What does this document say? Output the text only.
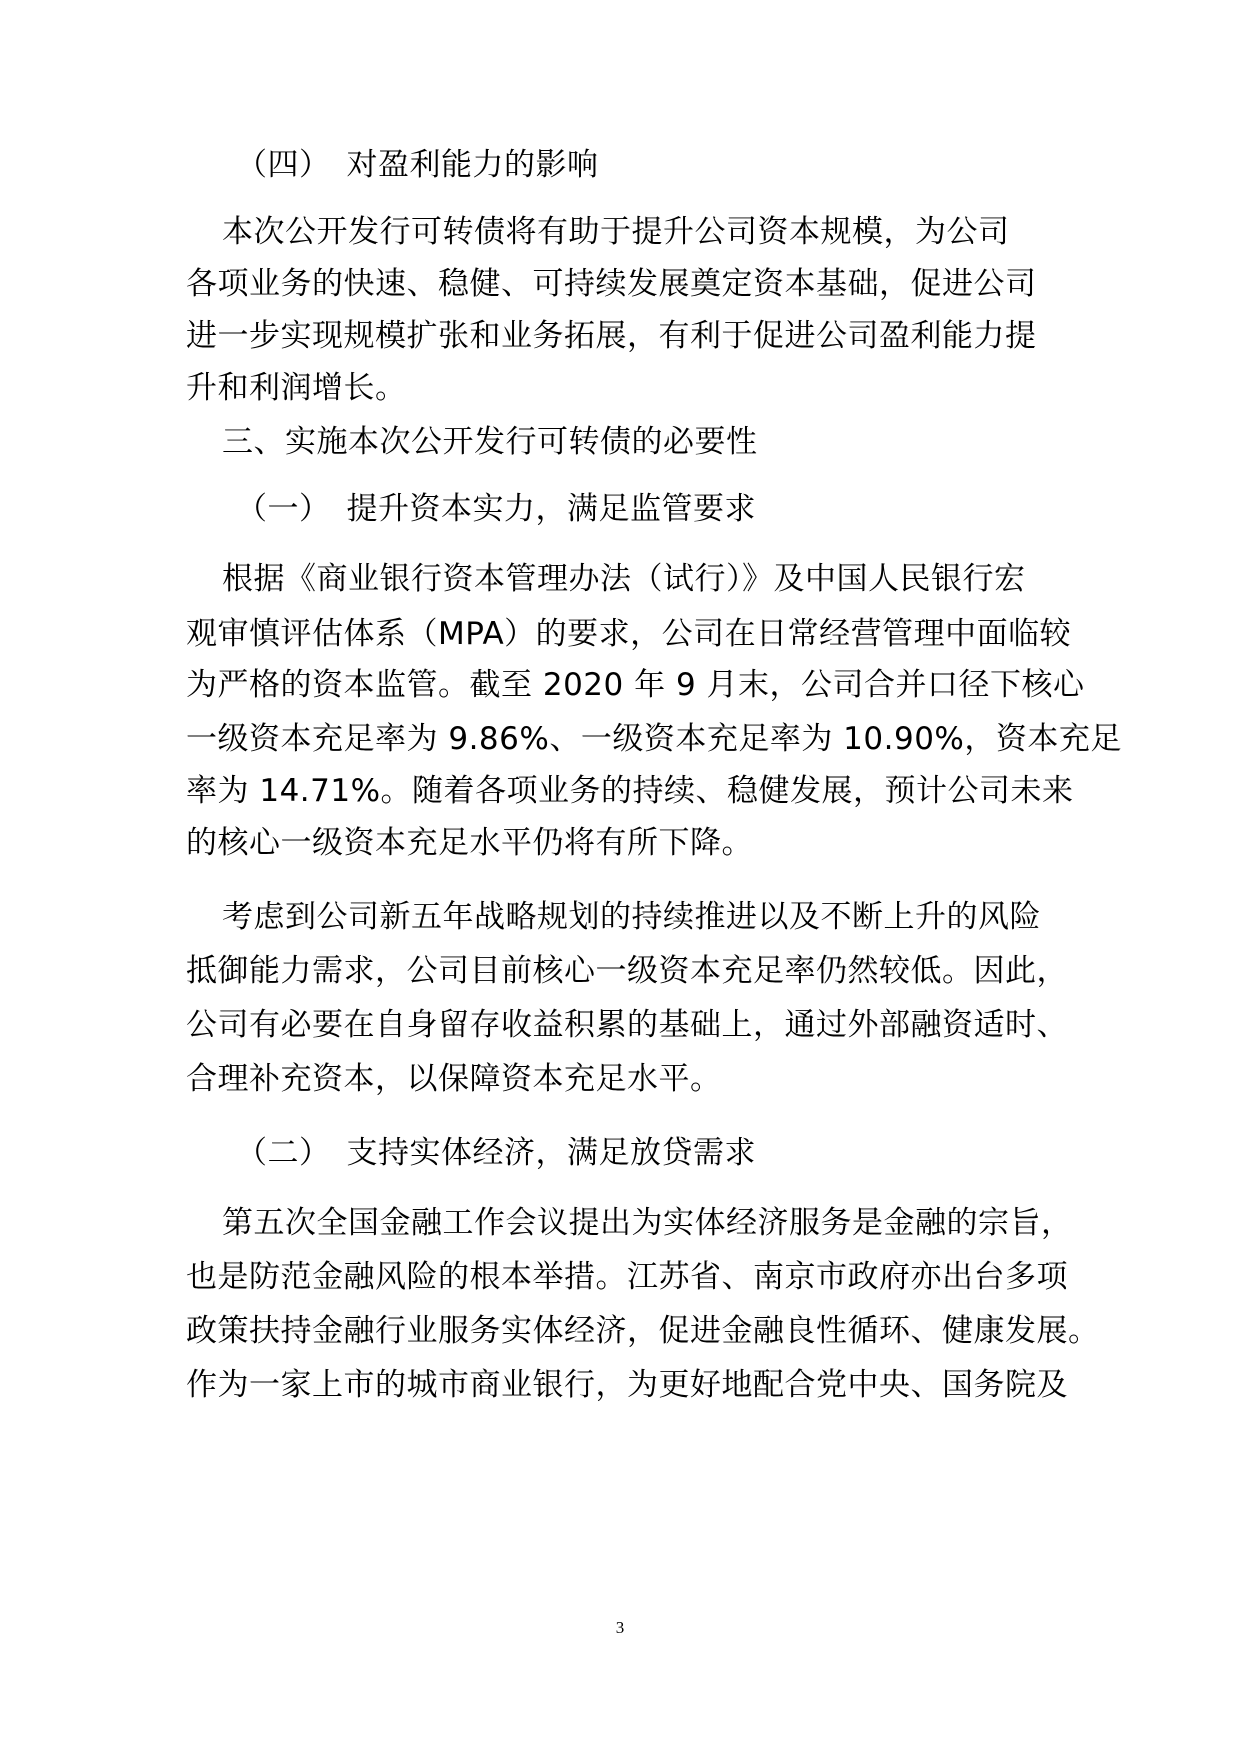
（四）　对盈利能力的影响
本次公开发行可转债将有助于提升公司资本规模，为公司
各项业务的快速、稳健、可持续发展奠定资本基础，促进公司
进一步实现规模扩张和业务拓展，有利于促进公司盈利能力提
升和利润增长。
三、实施本次公开发行可转债的必要性
（一）　提升资本实力，满足监管要求
根据《商业银行资本管理办法（试行）》及中国人民银行宏
观审慎评估体系（MPA）的要求，公司在日常经营管理中面临较
为严格的资本监管。截至 2020 年 9 月末，公司合并口径下核心
一级资本充足率为 9.86%、一级资本充足率为 10.90%，资本充足
率为 14.71%。随着各项业务的持续、稳健发展，预计公司未来
的核心一级资本充足水平仍将有所下降。
考虑到公司新五年战略规划的持续推进以及不断上升的风险
抵御能力需求，公司目前核心一级资本充足率仍然较低。因此，
公司有必要在自身留存收益积累的基础上，通过外部融资适时、
合理补充资本，以保障资本充足水平。
（二）　支持实体经济，满足放贷需求
第五次全国金融工作会议提出为实体经济服务是金融的宗旨，
也是防范金融风险的根本举措。江苏省、南京市政府亦出台多项
政策扶持金融行业服务实体经济，促进金融良性循环、健康发展。
作为一家上市的城市商业银行，为更好地配合党中央、国务院及
3
